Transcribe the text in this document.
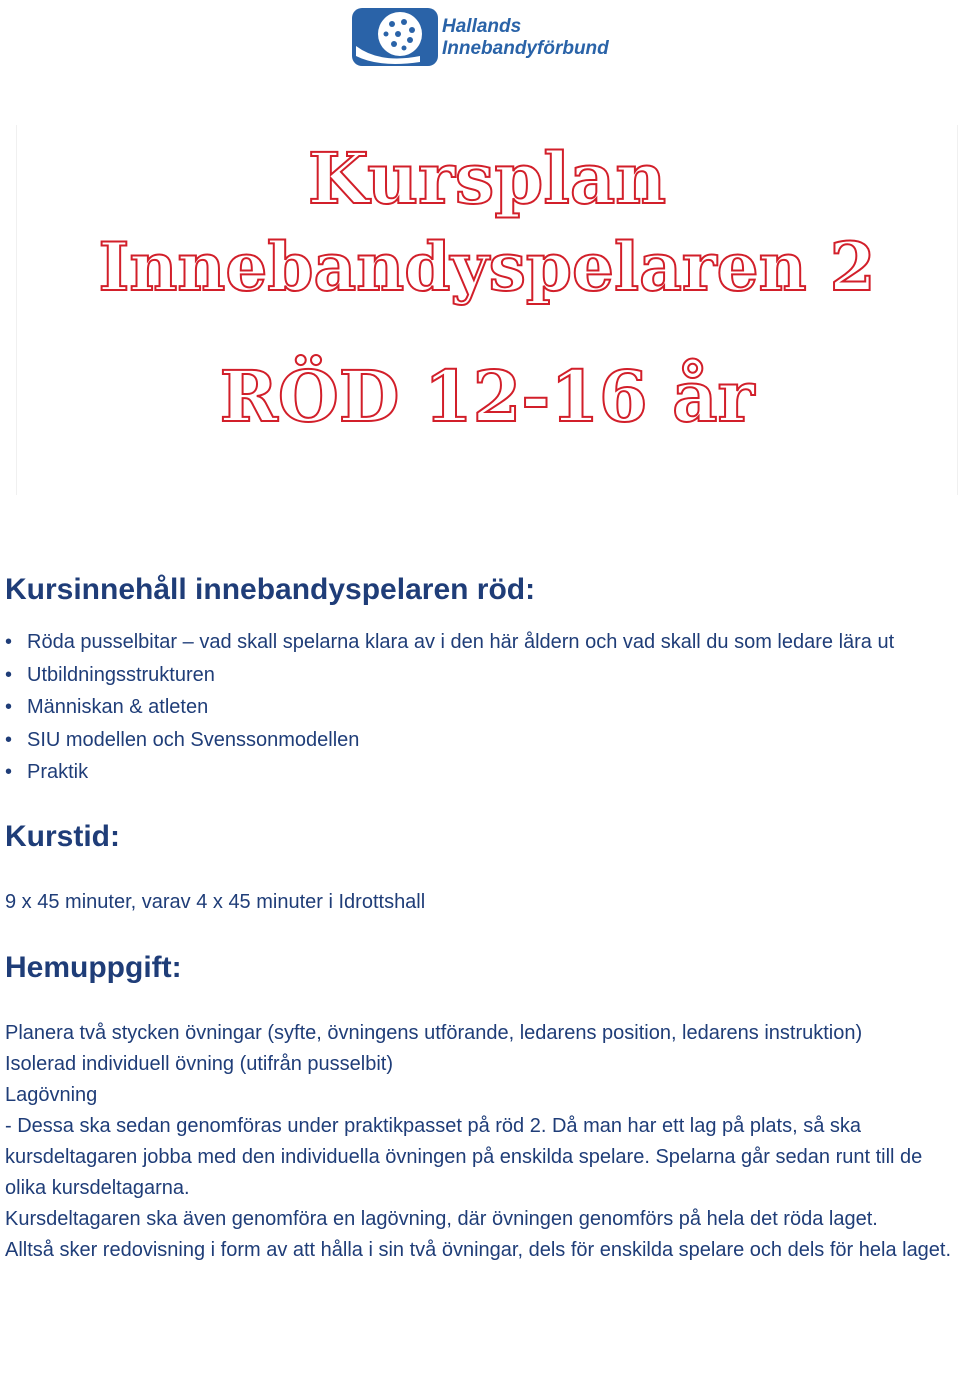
Hallands
Innebandyförbund
Kursplan
Innebandyspelaren 2
RÖD 12-16 år
Kursinnehåll innebandyspelaren röd:
• Röda pusselbitar – vad skall spelarna klara av i den här åldern och vad skall du som ledare lära ut
• Utbildningsstrukturen
• Människan & atleten
• SIU modellen och Svenssonmodellen
• Praktik
Kurstid:

9 x 45 minuter, varav 4 x 45 minuter i Idrottshall

Hemuppgift:

Planera två stycken övningar (syfte, övningens utförande, ledarens position, ledarens instruktion)

Isolerad individuell övning (utifrån pusselbit)

Lagövning

- Dessa ska sedan genomföras under praktikpasset på röd 2. Då man har ett lag på plats, så ska kursdeltagaren jobba med den individuella övningen på enskilda spelare. Spelarna går sedan runt till de olika kursdeltagarna.

Kursdeltagaren ska även genomföra en lagövning, där övningen genomförs på hela det röda laget.

Alltså sker redovisning i form av att hålla i sin två övningar, dels för enskilda spelare och dels för hela laget.
